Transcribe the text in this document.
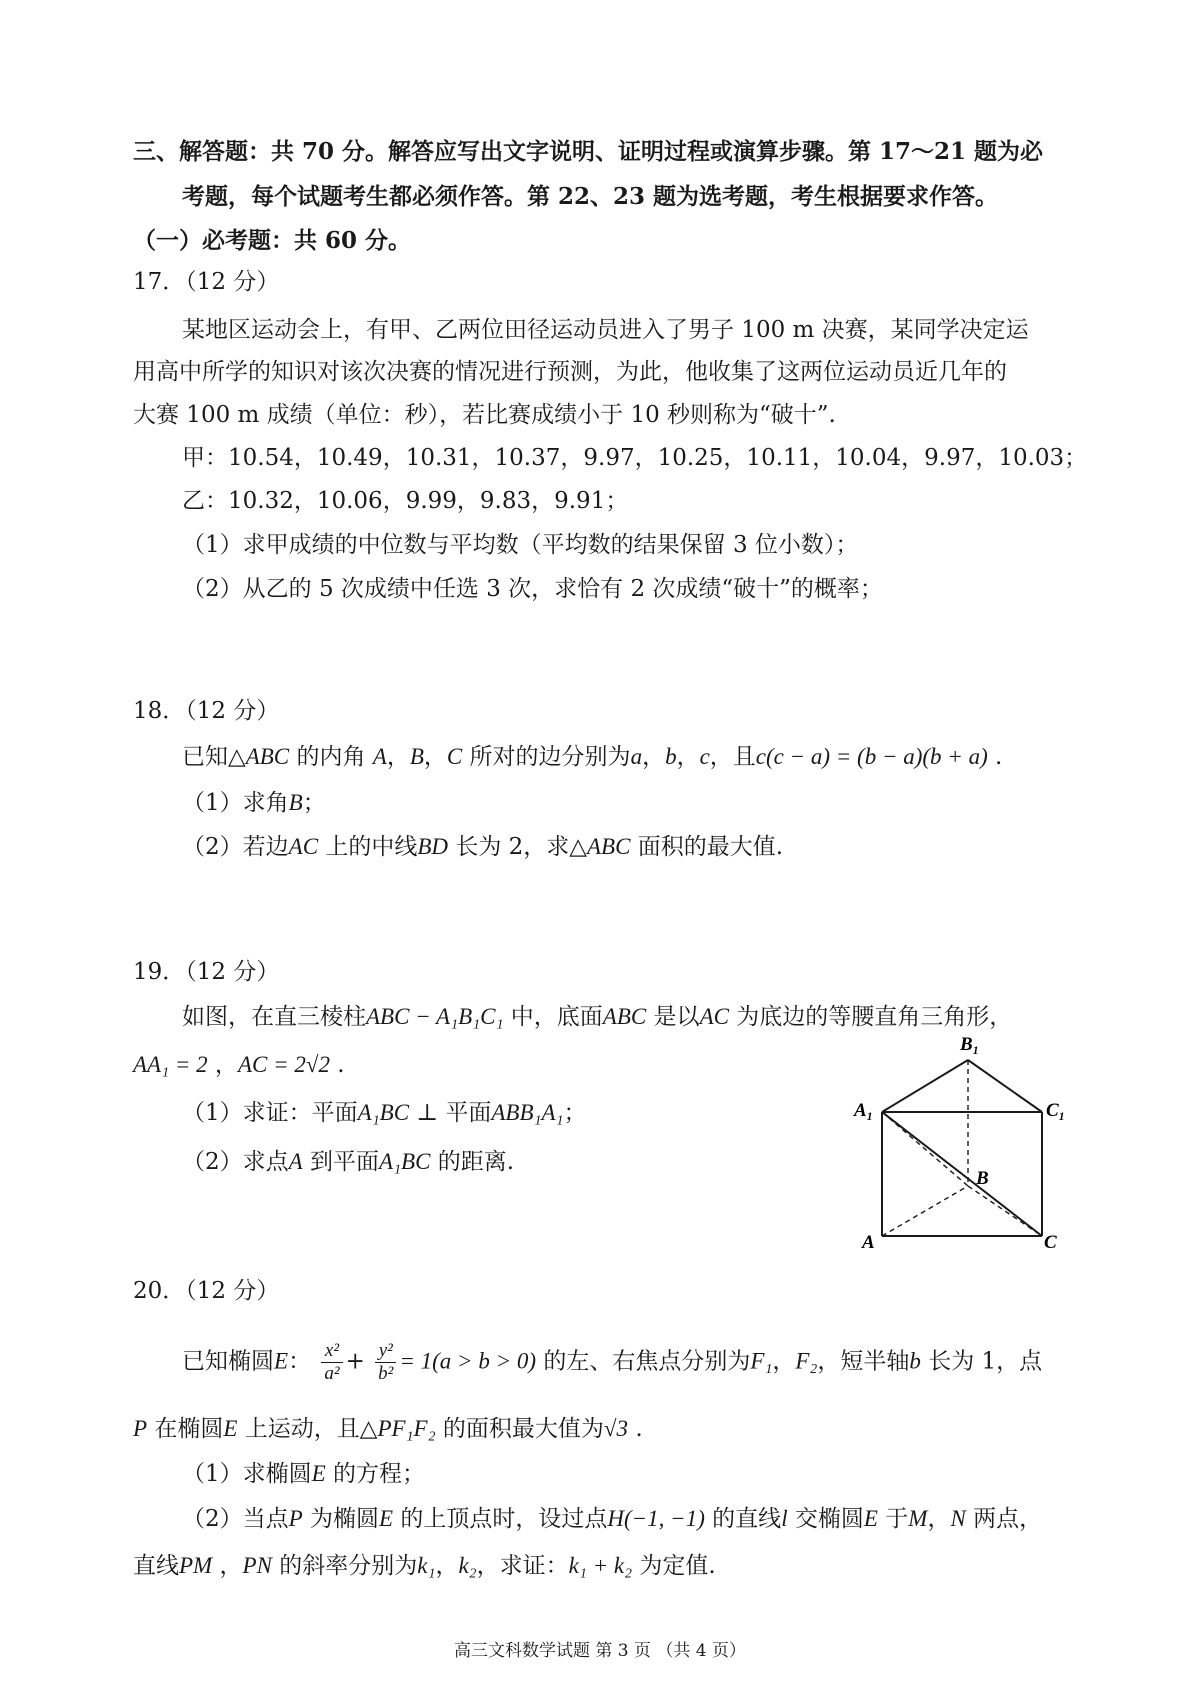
三、解答题：共 70 分。解答应写出文字说明、证明过程或演算步骤。第 17～21 题为必
考题，每个试题考生都必须作答。第 22、23 题为选考题，考生根据要求作答。
（一）必考题：共 60 分。
17．（12 分）
某地区运动会上，有甲、乙两位田径运动员进入了男子 100 m 决赛，某同学决定运
用高中所学的知识对该次决赛的情况进行预测，为此，他收集了这两位运动员近几年的
大赛 100 m 成绩（单位：秒），若比赛成绩小于 10 秒则称为“破十”.
甲：10.54，10.49，10.31，10.37，9.97，10.25，10.11，10.04，9.97，10.03；
乙：10.32，10.06，9.99，9.83，9.91；
（1）求甲成绩的中位数与平均数（平均数的结果保留 3 位小数）；
（2）从乙的 5 次成绩中任选 3 次，求恰有 2 次成绩“破十”的概率；
18．（12 分）
已知△ABC 的内角 A，B，C 所对的边分别为a，b，c，且c(c − a) = (b − a)(b + a) .
（1）求角B；
（2）若边AC 上的中线BD 长为 2，求△ABC 面积的最大值.
19．（12 分）
如图，在直三棱柱ABC − A₁B₁C₁ 中，底面ABC 是以AC 为底边的等腰直角三角形，
AA₁ = 2 ，AC = 2√2 .
（1）求证：平面A₁BC ⊥ 平面ABB₁A₁；
（2）求点A 到平面A₁BC 的距离.
B₁
A₁	C₁
B
A	C
20．（12 分）
已知椭圆E： $\frac{\text{x²}}{\text{a²}} + \frac{\text{y²}}{\text{b²}} = 1(a > b > 0)$ 的左、右焦点分别为F₁，F₂，短半轴b 长为 1，点
P 在椭圆E 上运动，且△PF₁F₂ 的面积最大值为√3 .
（1）求椭圆E 的方程；
（2）当点P 为椭圆E 的上顶点时，设过点H(−1, −1) 的直线l 交椭圆E 于M，N 两点，
直线PM ，PN 的斜率分别为k₁，k₂，求证：k₁ + k₂ 为定值.
高三文科数学试题 第 3 页 （共 4 页）
